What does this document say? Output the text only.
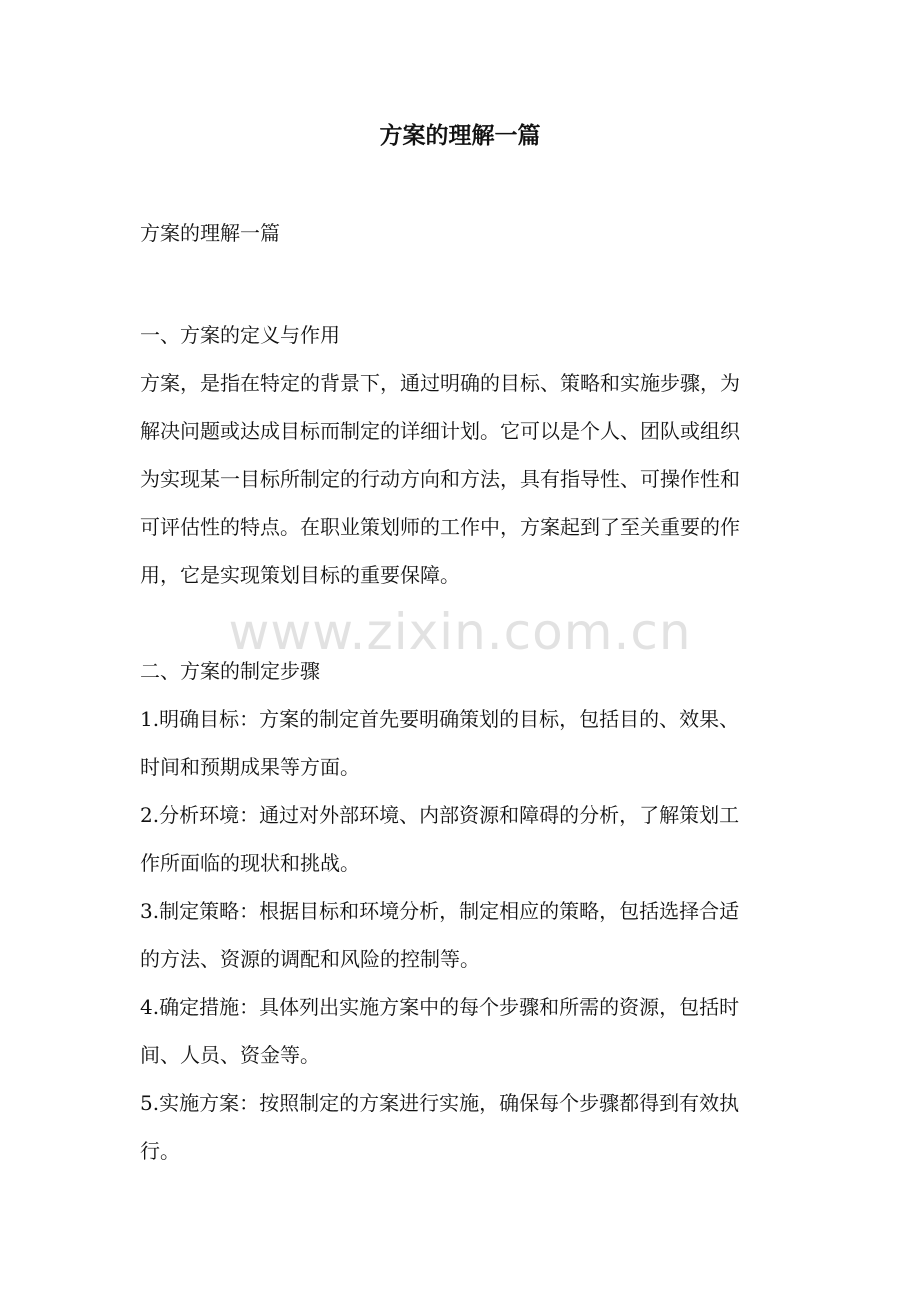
方案的理解一篇

方案的理解一篇

一、方案的定义与作用
方案，是指在特定的背景下，通过明确的目标、策略和实施步骤，为
解决问题或达成目标而制定的详细计划。它可以是个人、团队或组织
为实现某一目标所制定的行动方向和方法，具有指导性、可操作性和
可评估性的特点。在职业策划师的工作中，方案起到了至关重要的作
用，它是实现策划目标的重要保障。
二、方案的制定步骤
1.明确目标：方案的制定首先要明确策划的目标，包括目的、效果、
时间和预期成果等方面。
2.分析环境：通过对外部环境、内部资源和障碍的分析，了解策划工
作所面临的现状和挑战。
3.制定策略：根据目标和环境分析，制定相应的策略，包括选择合适
的方法、资源的调配和风险的控制等。
4.确定措施：具体列出实施方案中的每个步骤和所需的资源，包括时
间、人员、资金等。
5.实施方案：按照制定的方案进行实施，确保每个步骤都得到有效执
行。
www.zixin.com.cn
